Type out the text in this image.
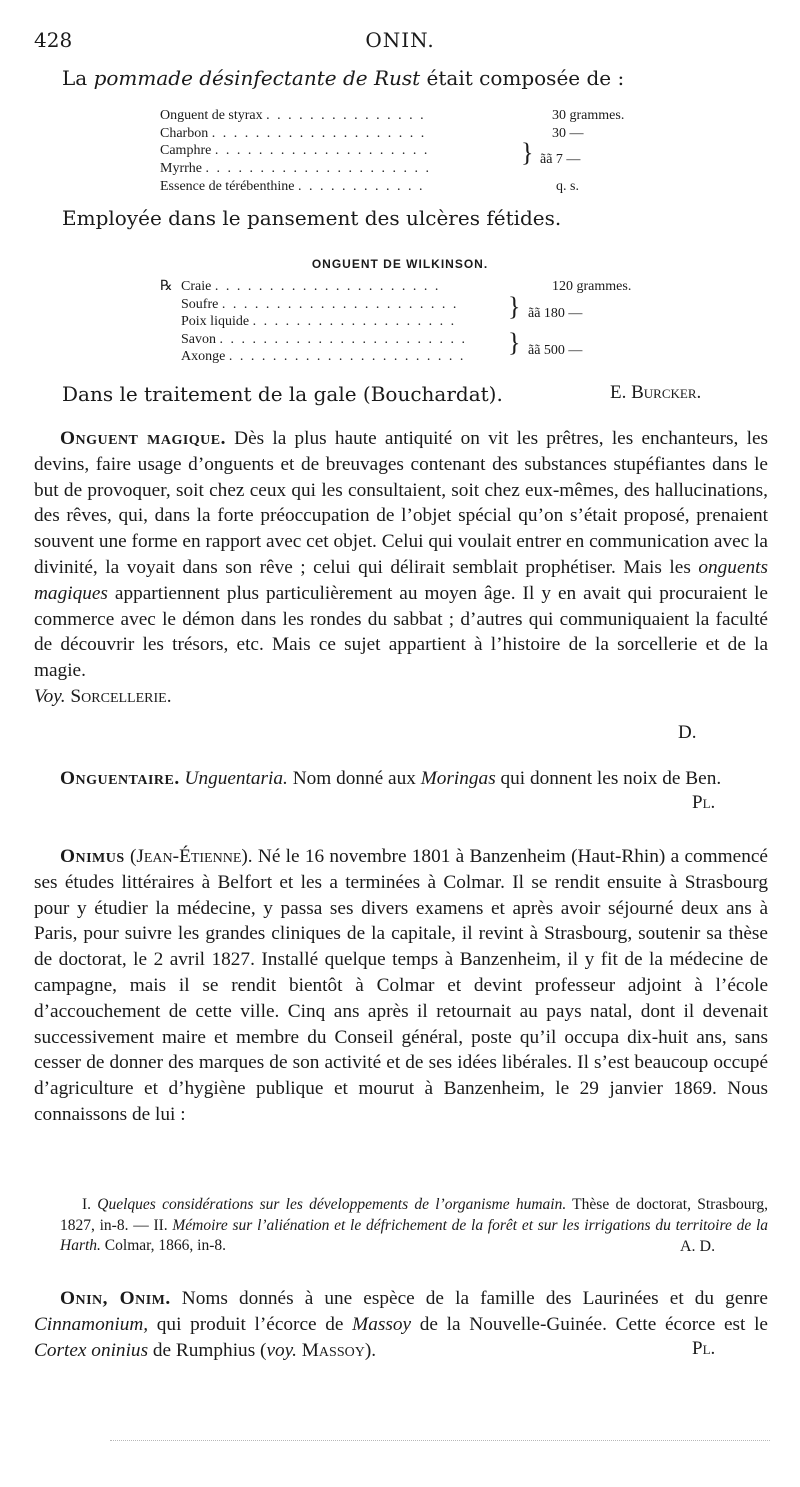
428	ONIN.
La pommade désinfectante de Rust était composée de :
Onguent de styrax . . . . . . . . . . . . . . .	30 grammes.
Charbon . . . . . . . . . . . . . . . . . . . .	30 —
Camphre . . . . . . . . . . . . . . . . . . . .
Myrrhe . . . . . . . . . . . . . . . . . . . . .
} ãã 7 —
Essence de térébenthine . . . . . . . . . . . .	q. s.
Employée dans le pansement des ulcères fétides.
ONGUENT DE WILKINSON.
℞ Craie . . . . . . . . . . . . . . . . . . . . .	120 grammes.
Soufre . . . . . . . . . . . . . . . . . . . . . .
Poix liquide . . . . . . . . . . . . . . . . . . .
} ãã 180 —
Savon . . . . . . . . . . . . . . . . . . . . . . .
Axonge . . . . . . . . . . . . . . . . . . . . . . } ãã 500 —
Dans le traitement de la gale (Bouchardat).	E. Burcker.
Onguent magique. Dès la plus haute antiquité on vit les prêtres, les enchanteurs, les devins, faire usage d’onguents et de breuvages contenant des substances stupéfiantes dans le but de provoquer, soit chez ceux qui les consultaient, soit chez eux-mêmes, des hallucinations, des rêves, qui, dans la forte préoccupation de l’objet spécial qu’on s’était proposé, prenaient souvent une forme en rapport avec cet objet. Celui qui voulait entrer en communication avec la divinité, la voyait dans son rêve ; celui qui délirait semblait prophétiser. Mais les onguents magiques appartiennent plus particulièrement au moyen âge. Il y en avait qui procuraient le commerce avec le démon dans les rondes du sabbat ; d’autres qui communiquaient la faculté de découvrir les trésors, etc. Mais ce sujet appartient à l’histoire de la sorcellerie et de la magie.
Voy. Sorcellerie.
D.
Onguentaire. Unguentaria. Nom donné aux Moringas qui donnent les noix de Ben.
Pl.
Onimus (Jean-Étienne). Né le 16 novembre 1801 à Banzenheim (Haut-Rhin) a commencé ses études littéraires à Belfort et les a terminées à Colmar. Il se rendit ensuite à Strasbourg pour y étudier la médecine, y passa ses divers examens et après avoir séjourné deux ans à Paris, pour suivre les grandes cliniques de la capitale, il revint à Strasbourg, soutenir sa thèse de doctorat, le 2 avril 1827. Installé quelque temps à Banzenheim, il y fit de la médecine de campagne, mais il se rendit bientôt à Colmar et devint professeur adjoint à l’école d’accouchement de cette ville. Cinq ans après il retournait au pays natal, dont il devenait successivement maire et membre du Conseil général, poste qu’il occupa dix-huit ans, sans cesser de donner des marques de son activité et de ses idées libérales. Il s’est beaucoup occupé d’agriculture et d’hygiène publique et mourut à Banzenheim, le 29 janvier 1869. Nous connaissons de lui :
I. Quelques considérations sur les développements de l’organisme humain. Thèse de doctorat, Strasbourg, 1827, in-8. — II. Mémoire sur l’aliénation et le défrichement de la forêt et sur les irrigations du territoire de la Harth. Colmar, 1866, in-8.	A. D.
Onin, Onim. Noms donnés à une espèce de la famille des Laurinées et du genre Cinnamonium, qui produit l’écorce de Massoy de la Nouvelle-Guinée. Cette écorce est le Cortex oninius de Rumphius (voy. Massoy).	Pl.
